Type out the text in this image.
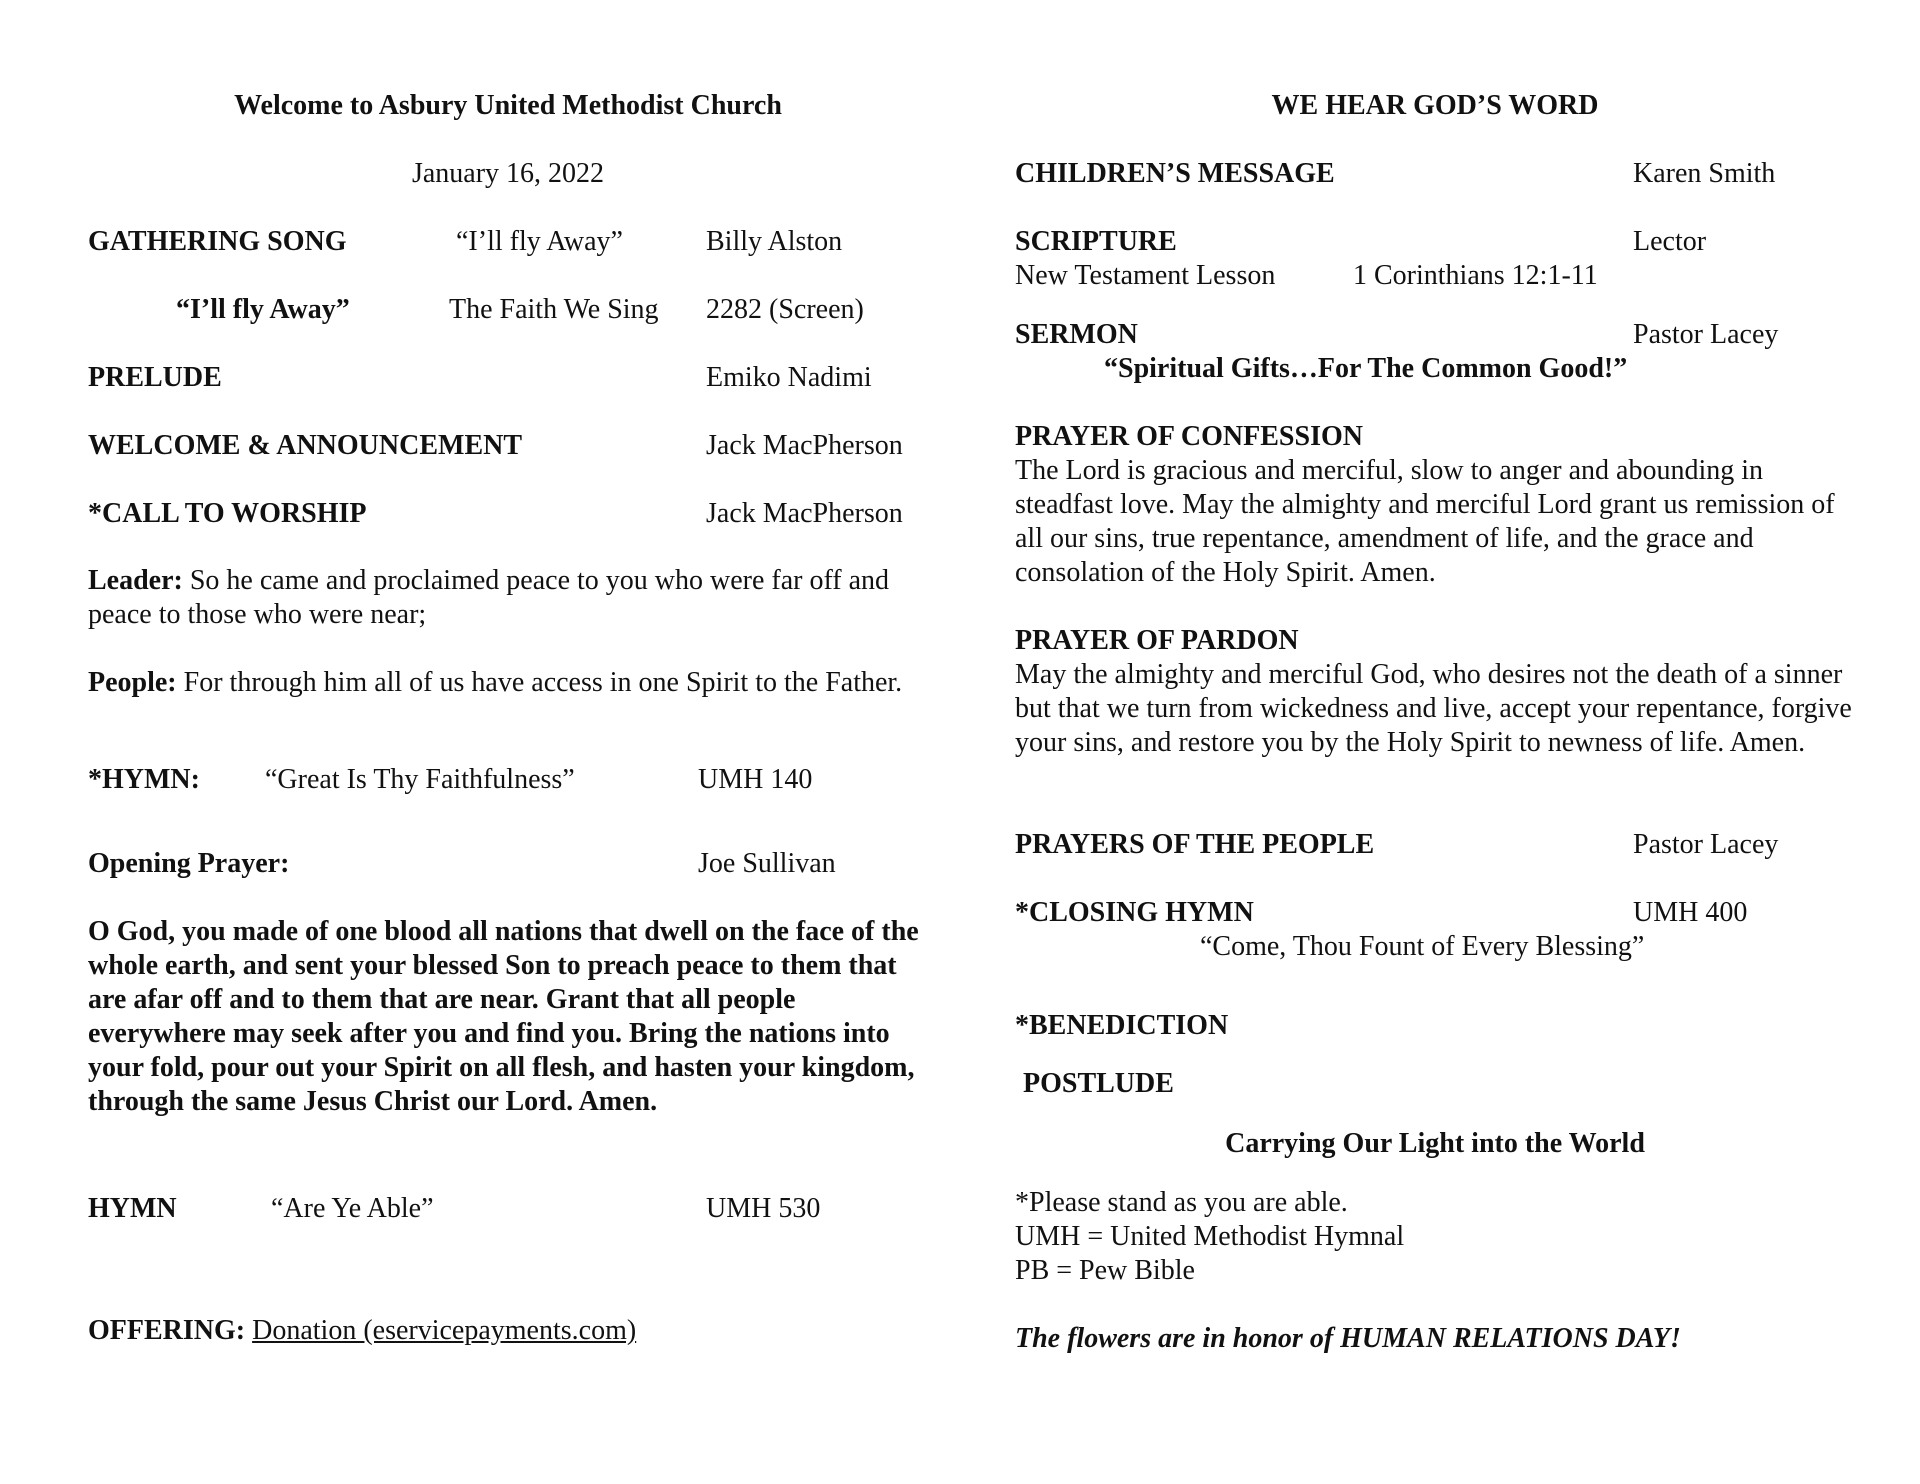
Welcome to Asbury United Methodist Church
January 16, 2022
GATHERING SONG	“I’ll fly Away”	Billy Alston
“I’ll fly Away”	The Faith We Sing 2282 (Screen)
PRELUDE	Emiko Nadimi
WELCOME & ANNOUNCEMENT	Jack MacPherson
*CALL TO WORSHIP	Jack MacPherson
Leader: So he came and proclaimed peace to you who were far off and peace to those who were near;
People: For through him all of us have access in one Spirit to the Father.
*HYMN: “Great Is Thy Faithfulness”	UMH 140
Opening Prayer:	Joe Sullivan
O God, you made of one blood all nations that dwell on the face of the whole earth, and sent your blessed Son to preach peace to them that are afar off and to them that are near. Grant that all people everywhere may seek after you and find you. Bring the nations into your fold, pour out your Spirit on all flesh, and hasten your kingdom, through the same Jesus Christ our Lord. Amen.
HYMN	“Are Ye Able”	UMH 530
OFFERING: Donation (eservicepayments.com)
WE HEAR GOD’S WORD
CHILDREN’S MESSAGE	Karen Smith
SCRIPTURE	Lector
New Testament Lesson	1 Corinthians 12:1-11
SERMON	Pastor Lacey
“Spiritual Gifts…For The Common Good!”
PRAYER OF CONFESSION
The Lord is gracious and merciful, slow to anger and abounding in steadfast love. May the almighty and merciful Lord grant us remission of all our sins, true repentance, amendment of life, and the grace and consolation of the Holy Spirit. Amen.
PRAYER OF PARDON
May the almighty and merciful God, who desires not the death of a sinner but that we turn from wickedness and live, accept your repentance, forgive your sins, and restore you by the Holy Spirit to newness of life. Amen.
PRAYERS OF THE PEOPLE	Pastor Lacey
*CLOSING HYMN	UMH 400
“Come, Thou Fount of Every Blessing”
*BENEDICTION
POSTLUDE
Carrying Our Light into the World
*Please stand as you are able.
UMH = United Methodist Hymnal
PB = Pew Bible
The flowers are in honor of HUMAN RELATIONS DAY!
